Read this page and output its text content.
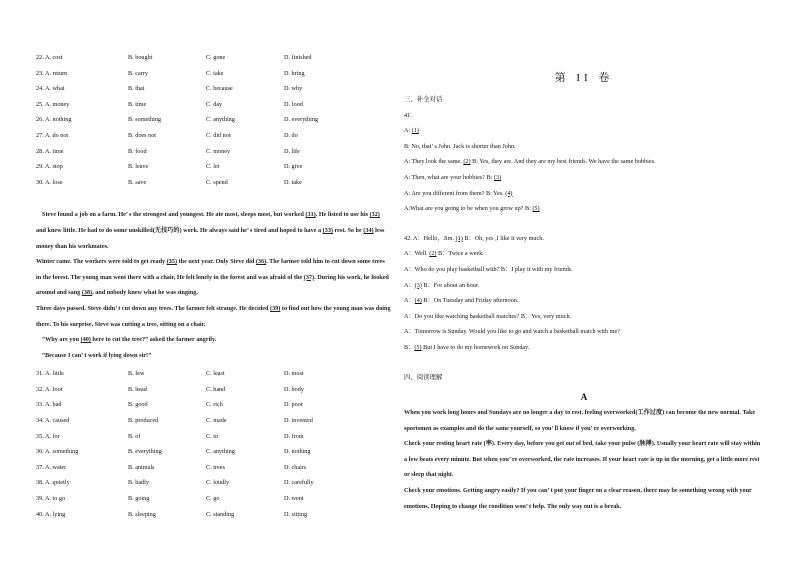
22. A. cost	B. bought	C. gone	D. finished
23. A. return	B. carry	C. take	D. bring
24. A. what	B. that	C. because	D. why
25. A. money	B. time	C. day	D. food
26. A. nothing	B. something	C. anything	D. everything
27. A. do not	B. does not	C. did not	D. do
28. A. time	B. food	C. money	D. life
29. A. stop	B. leave	C. let	D. give
30. A. lose	B. save	C. spend	D. take

Steve found a job on a farm. He’ s the strongest and youngest. He ate most, sleeps most, but worked (31). He listed to use his (32) and knew little. He had to do some unskilled(无技巧的) work. He always said he’ s tired and hoped to have a (33) rest. So he (34) less money than his workmates.

Winter came. The workers were told to get ready (35) the next year. Only Steve did (36). The farmer told him to cut down some trees in the forest. The young man went there with a chair. He felt lonely in the forest and was afraid of the (37). During his work, he looked around and sang (38), and nobody knew what he was singing.

Three days passed. Steve didn’ t cut down any trees. The farmer felt strange. He decided (39) to find out how the young man was doing there. To his surprise, Steve was cutting a tree, sitting on a chair.

“Why are you (40) here to cut the tree?” asked the farmer angrily.

“Because I can’ t work if lying down sir!”

31. A. little	B. few	C. least	D. most
32. A. foot	B. head	C. hand	D. body
33. A. bad	B. good	C. rich	D. poor
34. A. caused	B. produced	C. made	D. invented
35. A. for	B. of	C. to	D. from
36. A. something	B. everything	C. anything	D. nothing
37. A. water	B. animals	C. trees	D. chairs
38. A. quietly	B. badly	C. loudly	D. carefully
39. A. to go	B. going	C. go	D. went
40. A. lying	B. sleeping	C. standing	D. sitting
第 II 卷
三、补全对话
41.
A: (1)
B: No, that’ s John. Jack is shorter than John.
A: They look the same. (2) B: Yes, they are. And they are my best friends. We have the same hobbies.
A: Then, what are your hobbies? B: (3)
A: Are you different from them? B: Yes. (4)
A:What are you going to be when you grow up? B: (5)
42. A：Hello，Jim. (1) B：Oh, yes ,I like it very much.
A：Well. (2) B：Twice a week.
A：Who do you play basketball with? B：I play it with my friends.
A：(3) B：For about an hour.
A：(4) B：On Tuesday and Friday afternoon.
A：Do you like watching basketball matches? B：Yes, very much.
A：Tomorrow is Sunday. Would you like to go and watch a basketball match with me?
B：(5) But I have to do my homework on Sunday.
四、阅读理解
A

When you work long hours and Sundays are no longer a day to rest, feeling overworked(工作过度) can become the new normal. Take sportsmen as examples and do the same yourself, so you’ ll know if you’ re overworking.

Check your resting heart rate (率). Every day, before you get out of bed, take your pulse (脉搏). Usually your heart rate will stay within a few beats every minute. But when you’ re overworked, the rate increases. If your heart rate is up in the morning, get a little more rest or sleep that night.

Check your emotions. Getting angry easily? If you can’ t put your finger on a clear reason, there may be something wrong with your emotions. Hoping to change the condition won’ t help. The only way out is a break.
